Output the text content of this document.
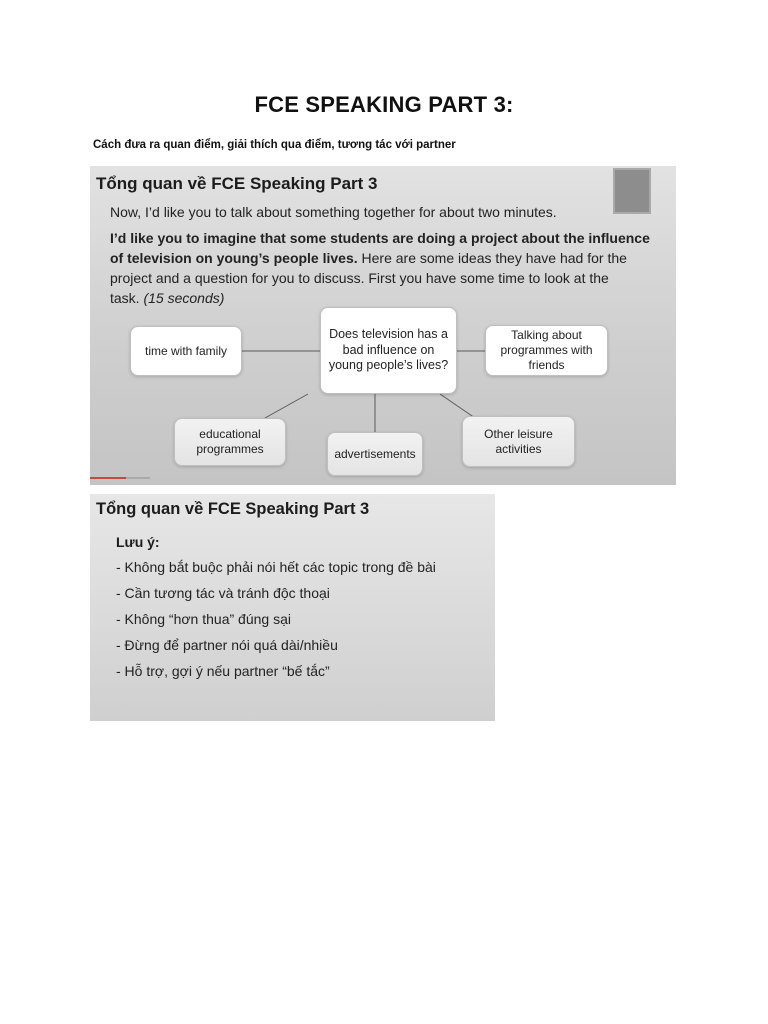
FCE SPEAKING PART 3:
Cách đưa ra quan điểm, giải thích qua điểm, tương tác với partner
Tổng quan về FCE Speaking Part 3
Now, I’d like you to talk about something together for about two minutes.
I’d like you to imagine that some students are doing a project about the influence
of television on young’s people lives. Here are some ideas they have had for the
project and a question for you to discuss. First you have some time to look at the
task. (15 seconds)
Does television has a bad influence on young people’s lives?
time with family
Talking about programmes with friends
educational programmes	advertisements
Other leisure activities
Tổng quan về FCE Speaking Part 3
Lưu ý:
- Không bắt buộc phải nói hết các topic trong đề bài
- Cần tương tác và tránh độc thoại
- Không “hơn thua” đúng sại
- Đừng để partner nói quá dài/nhiều
- Hỗ trợ, gợi ý nếu partner “bế tắc”
